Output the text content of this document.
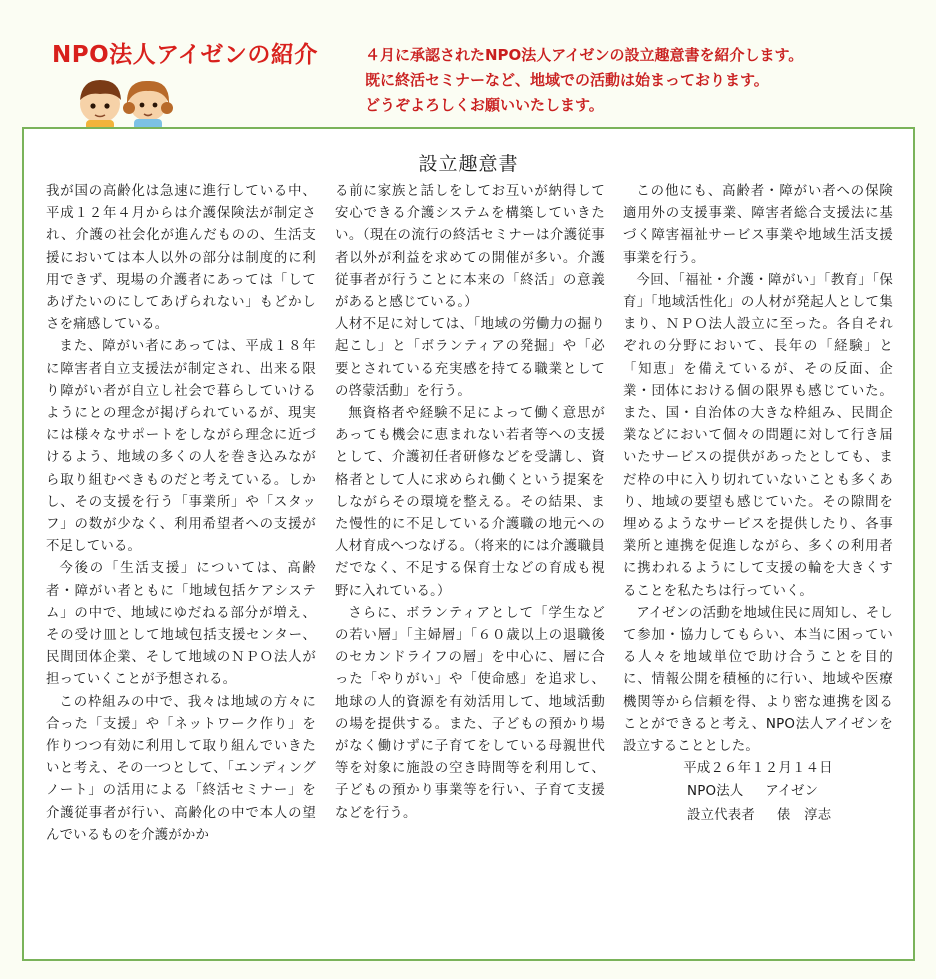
NPO法人アイゼンの紹介	４月に承認されたNPO法人アイゼンの設立趣意書を紹介します。
既に終活セミナーなど、地域での活動は始まっております。
どうぞよろしくお願いいたします。
設立趣意書

我が国の高齢化は急速に進行している中、平成１２年４月からは介護保険法が制定され、介護の社会化が進んだものの、生活支援においては本人以外の部分は制度的に利用できず、現場の介護者にあっては「してあげたいのにしてあげられない」もどかしさを痛感している。

また、障がい者にあっては、平成１８年に障害者自立支援法が制定され、出来る限り障がい者が自立し社会で暮らしていけるようにとの理念が掲げられているが、現実には様々なサポートをしながら理念に近づけるよう、地域の多くの人を巻き込みながら取り組むべきものだと考えている。しかし、その支援を行う「事業所」や「スタッフ」の数が少なく、利用希望者への支援が不足している。

今後の「生活支援」については、高齢者・障がい者ともに「地域包括ケアシステム」の中で、地域にゆだねる部分が増え、その受け皿として地域包括支援センター、民間団体企業、そして地域のＮＰＯ法人が担っていくことが予想される。

この枠組みの中で、我々は地域の方々に合った「支援」や「ネットワーク作り」を作りつつ有効に利用して取り組んでいきたいと考え、その一つとして、「エンディングノート」の活用による「終活セミナー」を介護従事者が行い、高齢化の中で本人の望んでいるものを介護がかか

る前に家族と話しをしてお互いが納得して安心できる介護システムを構築していきたい。（現在の流行の終活セミナーは介護従事者以外が利益を求めての開催が多い。介護従事者が行うことに本来の「終活」の意義があると感じている。）

人材不足に対しては、「地域の労働力の掘り起こし」と「ボランティアの発掘」や「必要とされている充実感を持てる職業としての啓蒙活動」を行う。

無資格者や経験不足によって働く意思があっても機会に恵まれない若者等への支援として、介護初任者研修などを受講し、資格者として人に求められ働くという提案をしながらその環境を整える。その結果、また慢性的に不足している介護職の地元への人材育成へつなげる。（将来的には介護職員だでなく、不足する保育士などの育成も視野に入れている。）

さらに、ボランティアとして「学生などの若い層」「主婦層」「６０歳以上の退職後のセカンドライフの層」を中心に、層に合った「やりがい」や「使命感」を追求し、地球の人的資源を有効活用して、地域活動の場を提供する。また、子どもの預かり場がなく働けずに子育てをしている母親世代等を対象に施設の空き時間等を利用して、子どもの預かり事業等を行い、子育て支援などを行う。

この他にも、高齢者・障がい者への保険適用外の支援事業、障害者総合支援法に基づく障害福祉サービス事業や地域生活支援事業を行う。

今回、「福祉・介護・障がい」「教育」「保育」「地域活性化」の人材が発起人として集まり、ＮＰＯ法人設立に至った。各自それぞれの分野において、長年の「経験」と「知恵」を備えているが、その反面、企業・団体における個の限界も感じていた。また、国・自治体の大きな枠組み、民間企業などにおいて個々の問題に対して行き届いたサービスの提供があったとしても、まだ枠の中に入り切れていないことも多くあり、地域の要望も感じていた。その隙間を埋めるようなサービスを提供したり、各事業所と連携を促進しながら、多くの利用者に携われるようにして支援の輪を大きくすることを私たちは行っていく。

アイゼンの活動を地域住民に周知し、そして参加・協力してもらい、本当に困っている人々を地域単位で助け合うことを目的に、情報公開を積極的に行い、地域や医療機関等から信頼を得、より密な連携を図ることができると考え、NPO法人アイゼンを設立することとした。

平成２６年１２月１４日

NPO法人 アイゼン
設立代表者 俵　淳志
